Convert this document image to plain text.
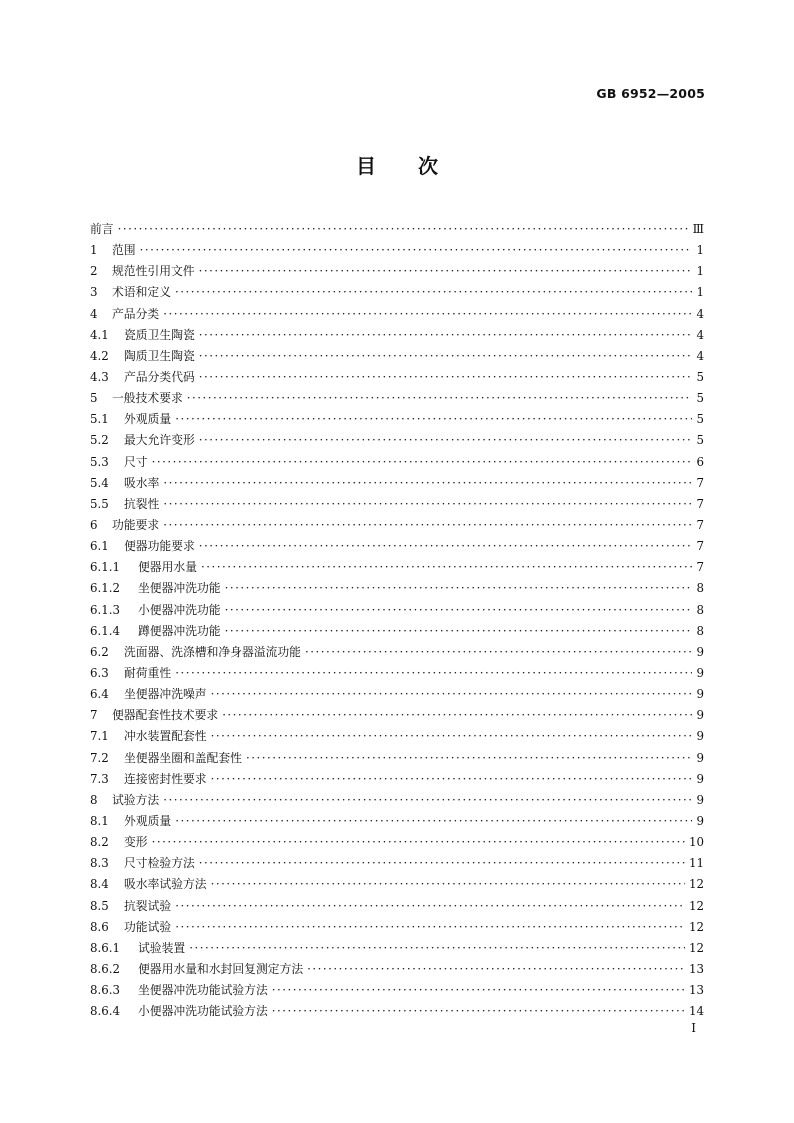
GB 6952—2005
目 次
前言 ·····	Ⅲ
1	范围 ·····	1
2	规范性引用文件 ·····	1
3	术语和定义 ·····	1
4	产品分类 ·····	4
4.1	瓷质卫生陶瓷 ·····	4
4.2	陶质卫生陶瓷 ·····	4
4.3	产品分类代码 ·····	5
5	一般技术要求 ·····	5
5.1	外观质量 ·····	5
5.2	最大允许变形 ·····	5
5.3	尺寸 ·····	6
5.4	吸水率 ·····	7
5.5	抗裂性 ·····	7
6	功能要求 ·····	7
6.1	便器功能要求 ·····	7
6.1.1	便器用水量 ·····	7
6.1.2	坐便器冲洗功能 ·····	8
6.1.3	小便器冲洗功能 ·····	8
6.1.4	蹲便器冲洗功能 ·····	8
6.2	洗面器、洗涤槽和净身器溢流功能 ·····	9
6.3	耐荷重性 ·····	9
6.4	坐便器冲洗噪声 ·····	9
7	便器配套性技术要求 ·····	9
7.1	冲水装置配套性 ·····	9
7.2	坐便器坐圈和盖配套性 ·····	9
7.3	连接密封性要求 ·····	9
8	试验方法 ·····	9
8.1	外观质量 ·····	9
8.2	变形 ·····	10
8.3	尺寸检验方法 ·····	11
8.4	吸水率试验方法 ·····	12
8.5	抗裂试验 ·····	12
8.6	功能试验 ·····	12
8.6.1	试验装置 ·····	12
8.6.2	便器用水量和水封回复测定方法 ·····	13
8.6.3	坐便器冲洗功能试验方法 ·····	13
8.6.4	小便器冲洗功能试验方法 ·····	14
Ⅰ
